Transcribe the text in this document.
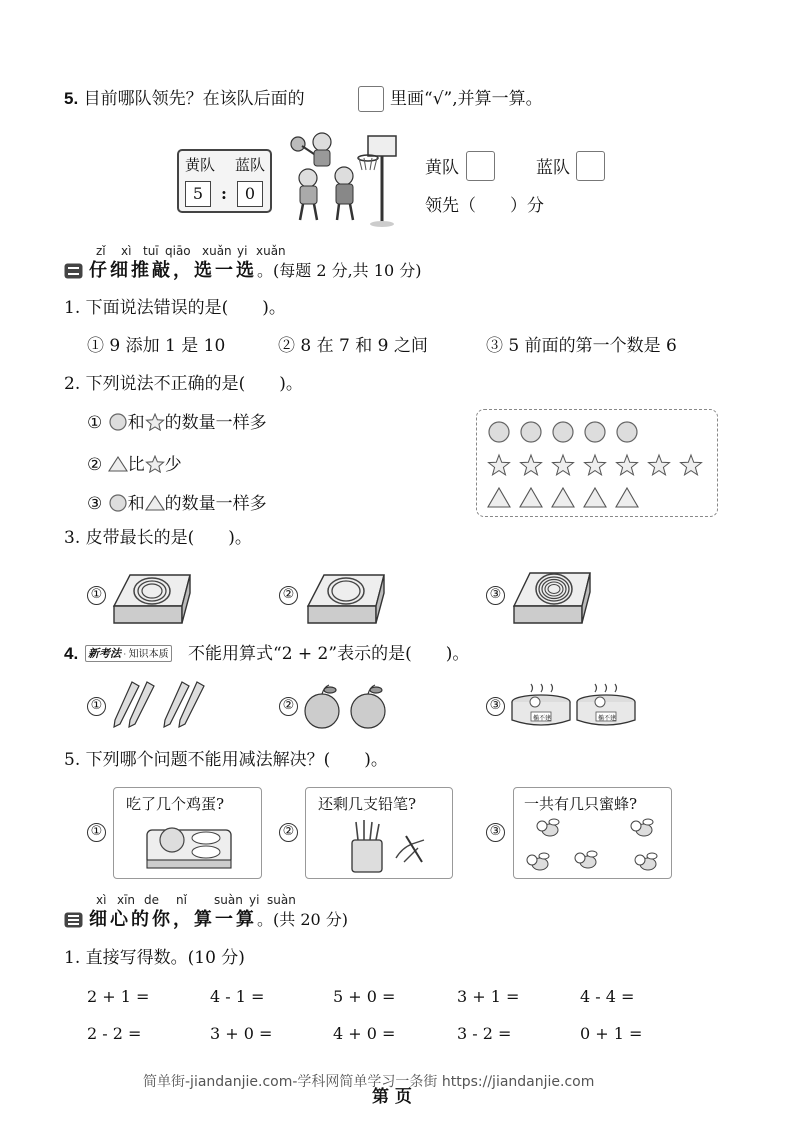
5. 目前哪队领先？在该队后面的	里画“√”,并算一算。
黄队 蓝队
5	:	0
黄队	蓝队
领先（　　）分
zǐ xì tuī qiāo xuǎn yi xuǎn
仔细推敲，选一选。(每题 2 分,共 10 分)
1. 下面说法错误的是(　　)。
① 9 添加 1 是 10	② 8 在 7 和 9 之间	③ 5 前面的第一个数是 6
2. 下列说法不正确的是(　　)。
① 和 的数量一样多
② 比 少
③ 和 的数量一样多
3. 皮带最长的是(　　)。
①	②	③
4. 新考法 · 知识本质 不能用算式“2 + 2”表示的是(　　)。
①	②	③
椭不建	椭不建
5. 下列哪个问题不能用减法解决？(　　)。
①	②	③
吃了几个鸡蛋?	还剩几支铅笔?	一共有几只蜜蜂?
xì xīn de nǐ suàn yi suàn
细心的你，算一算。(共 20 分)
1. 直接写得数。(10 分)
2 + 1 =	4 - 1 =	5 + 0 =	3 + 1 =	4 - 4 =
2 - 2 =	3 + 0 =	4 + 0 =	3 - 2 =	0 + 1 =
简单街-jiandanjie.com-学科网简单学习一条街 https://jiandanjie.com
第 页
